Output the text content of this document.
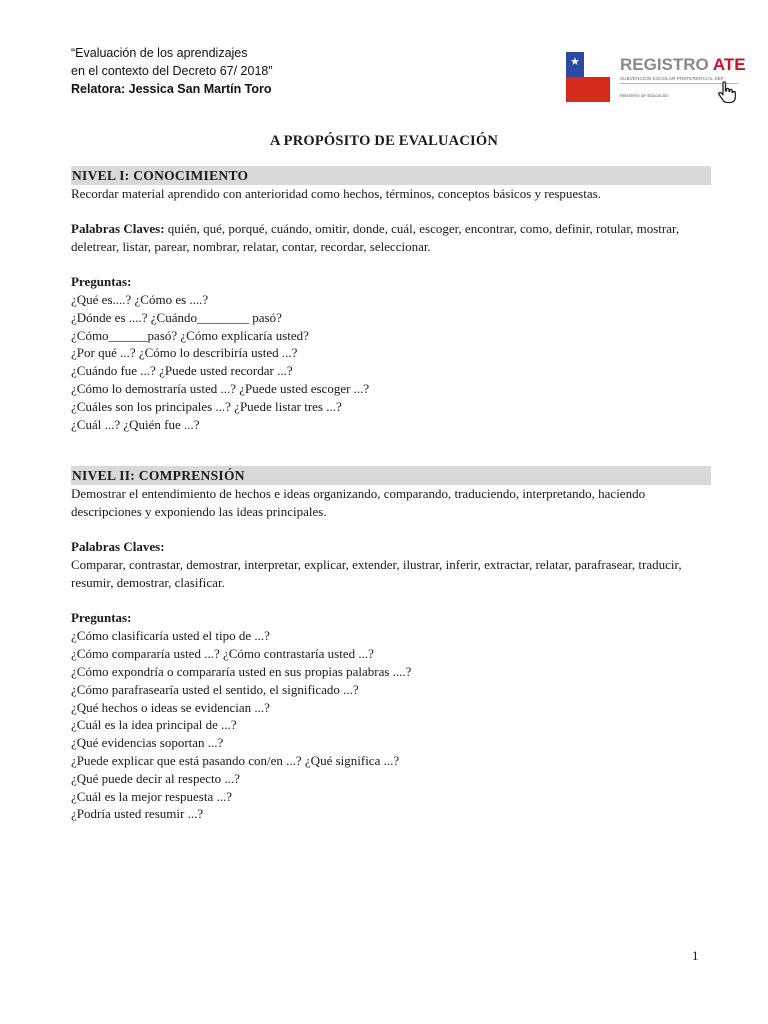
“Evaluación de los aprendizajes
en el contexto del Decreto 67/ 2018”
Relatora: Jessica San Martín Toro
★ REGISTRO ATE
SUBVENCIÓN ESCOLAR PREFERENCIAL SEP
Ministerio de Educación
A PROPÓSITO DE EVALUACIÓN
NIVEL I: CONOCIMIENTO
Recordar material aprendido con anterioridad como hechos, términos, conceptos básicos y respuestas.
Palabras Claves: quién, qué, porqué, cuándo, omitir, donde, cuál, escoger, encontrar, como, definir, rotular, mostrar, deletrear, listar, parear, nombrar, relatar, contar, recordar, seleccionar.
Preguntas:
¿Qué es....? ¿Cómo es ....?
¿Dónde es ....? ¿Cuándo________ pasó?
¿Cómo______pasó? ¿Cómo explicaría usted?
¿Por qué ...? ¿Cómo lo describiría usted ...?
¿Cuándo fue ...? ¿Puede usted recordar ...?
¿Cómo lo demostraría usted ...? ¿Puede usted escoger ...?
¿Cuáles son los principales ...? ¿Puede listar tres ...?
¿Cuál ...? ¿Quién fue ...?
NIVEL II: COMPRENSIÓN
Demostrar el entendimiento de hechos e ideas organizando, comparando, traduciendo, interpretando, haciendo descripciones y exponiendo las ideas principales.
Palabras Claves:
Comparar, contrastar, demostrar, interpretar, explicar, extender, ilustrar, inferir, extractar, relatar, parafrasear, traducir, resumir, demostrar, clasificar.
Preguntas:
¿Cómo clasificaría usted el tipo de ...?
¿Cómo compararía usted ...? ¿Cómo contrastaría usted ...?
¿Cómo expondría o compararía usted en sus propias palabras ....?
¿Cómo parafrasearía usted el sentido, el significado ...?
¿Qué hechos o ideas se evidencian ...?
¿Cuál es la idea principal de ...?
¿Qué evidencias soportan ...?
¿Puede explicar que está pasando con/en ...? ¿Qué significa ...?
¿Qué puede decir al respecto ...?
¿Cuál es la mejor respuesta ...?
¿Podría usted resumir ...?
1
